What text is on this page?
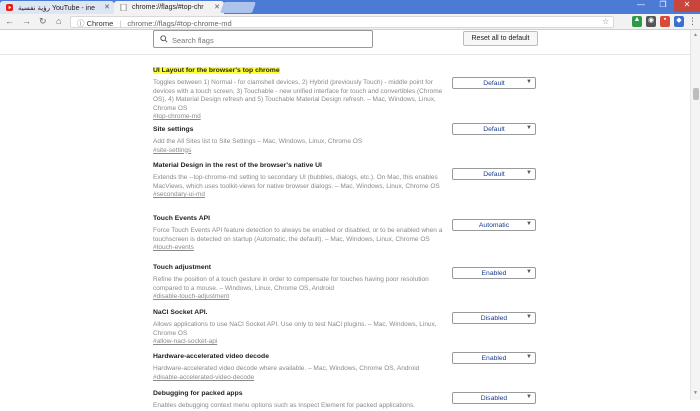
رؤية نفسية YouTube - ine ✕	chrome://flags/#top-chr ✕	—	❐	✕
← → ↻ ⌂	ⓘ Chrome | chrome://flags/#top-chrome-md	☆	▲ ◉	▪	◆ ⋮
Search flags	Reset all to default
UI Layout for the browser's top chrome
Toggles between 1) Normal - for clamshell devices, 2) Hybrid (previously Touch) - middle point for devices with a touch screen, 3) Touchable - new unified interface for touch and convertibles (Chrome OS), 4) Material Design refresh and 5) Touchable Material Design refresh. – Mac, Windows, Linux, Chrome OS
#top-chrome-md
Default	▼
Site settings
Add the All Sites list to Site Settings – Mac, Windows, Linux, Chrome OS
#site-settings
Default	▼
Material Design in the rest of the browser's native UI
Extends the --top-chrome-md setting to secondary UI (bubbles, dialogs, etc.). On Mac, this enables MacViews, which uses toolkit-views for native browser dialogs. – Mac, Windows, Linux, Chrome OS
#secondary-ui-md
Default	▼
Touch Events API
Force Touch Events API feature detection to always be enabled or disabled, or to be enabled when a touchscreen is detected on startup (Automatic, the default). – Mac, Windows, Linux, Chrome OS
#touch-events
Automatic	▼
Touch adjustment
Refine the position of a touch gesture in order to compensate for touches having poor resolution compared to a mouse. – Windows, Linux, Chrome OS, Android
#disable-touch-adjustment
Enabled	▼
NaCl Socket API.
Allows applications to use NaCl Socket API. Use only to test NaCl plugins. – Mac, Windows, Linux, Chrome OS
#allow-nacl-socket-api
Disabled	▼
Hardware-accelerated video decode
Hardware-accelerated video decode where available. – Mac, Windows, Chrome OS, Android
#disable-accelerated-video-decode
Enabled	▼
Debugging for packed apps
Enables debugging context menu options such as Inspect Element for packed applications.
Disabled	▼
▲
▼
